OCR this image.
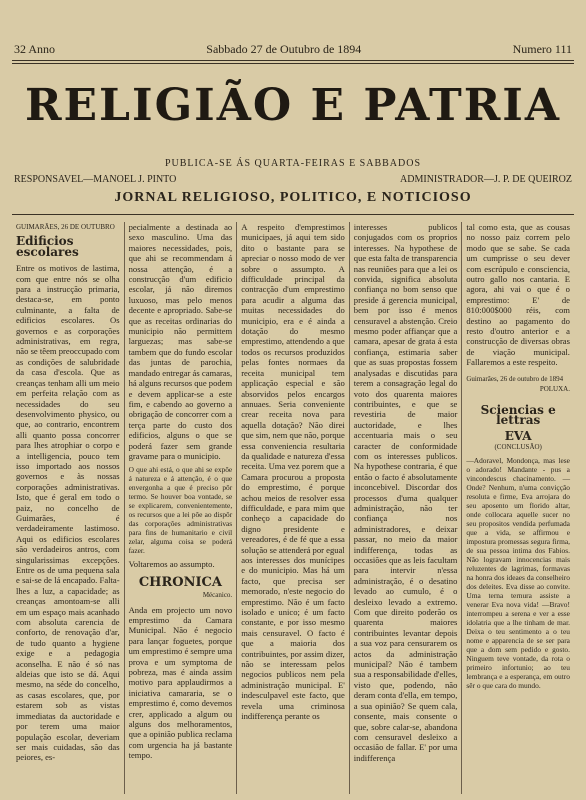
32 Anno	Sabbado 27 de Outubro de 1894	Numero 111
RELIGIÃO E PATRIA
PUBLICA-SE ÁS QUARTA-FEIRAS E SABBADOS
RESPONSAVEL—MANOEL J. PINTO	ADMINISTRADOR—J. P. DE QUEIROZ
JORNAL RELIGIOSO, POLITICO, E NOTICIOSO
GUIMARÃES, 26 DE OUTUBRO
Edificios escolares
Entre os motivos de lastima, com que entre nós se olha para a instrucção primaria, destaca-se, em ponto culminante, a falta de edificios escolares. Os governos e as corporações administrativas, em regra, não se têem preoccupado com as condições de salubridade da casa d'escola. Que as creanças tenham alli um meio em perfeita relação com as necessidades do seu desenvolvimento physico, ou que, ao contrario, encontrem alli quanto possa concorrer para lhes atrophiar o corpo e a intelligencia, pouco tem isso importado aos nossos governos e às nossas corporações administrativas. Isto, que é geral em todo o paiz, no concelho de Guimarães, é verdadeiramente lastimoso. Aqui os edificios escolares são verdadeiros antros, com singularissimas excepções. Entre os de uma pequena sala e sai-se de lá encapado. Falta-lhes a luz, a capacidade; as creanças amontoam-se alli em um espaço mais acanhado com absoluta carencia de conforto, de renovação d'ar, de tudo quanto a hygiene exige e a pedagogia aconselha. E não é só nas aldeias que isto se dá. Aqui mesmo, na séde do concelho, as casas escolares, que, por estarem sob as vistas immediatas da auctoridade e por terem uma maior população escolar, deveriam ser mais cuidadas, são das peiores, es-
pecialmente a destinada ao sexo masculino. Uma das maiores necessidades, pois, que ahi se recommendam á nossa attenção, é a construcção d'um edificio escolar, já não diremos luxuoso, mas pelo menos decente e apropriado. Sabe-se que as receitas ordinarias do municipio não permittem larguezas; mas sabe-se tambem que do fundo escolar das juntas de parochia, mandado entregar ás camaras, há alguns recursos que podem e devem applicar-se a este fim, e cabendo ao governo a obrigação de concorrer com a terça parte do custo dos edificios, alguns o que se poderá fazer sem grande gravame para o municipio.
O que ahi está, o que ahi se expõe á natureza e á attenção, é o que envergonha a que é preciso pôr termo. Se houver boa vontade, se se explicarem, convenientemente, os recursos que a lei põe ao dispôr das corporações administrativas para fins de humanitario e civil zelar, alguma coisa se poderá fazer.
Voltaremos ao assumpto.
CHRONICA
Mécanico.
Anda em projecto um novo emprestimo da Camara Municipal. Não é negocio para lançar foguetes, porque um emprestimo é sempre uma prova e um symptoma de pobreza, mas é ainda assim motivo para applaudirmos a iniciativa camararia, se o emprestimo é, como devemos crer, applicado a algum ou alguns dos melhoramentos, que a opinião publica reclama com urgencia ha já bastante tempo.
A respeito d'emprestimos municipaes, já aqui tem sido dito o bastante para se apreciar o nosso modo de ver sobre o assumpto. A difficuldade principal da contracção d'um emprestimo para acudir a alguma das muitas necessidades do municipio, era e é ainda a dotação do mesmo emprestimo, attendendo a que todos os recursos produzidos pelas fontes normaes da receita municipal tem applicação especial e são absorvidos pelos encargos annuaes. Seria conveniente crear receita nova para aquella dotação? Não direi que sim, nem que não, porque essa conveniencia resultaria da qualidade e natureza d'essa receita. Uma vez porem que a Camara procurou a proposta do emprestimo, é porque achou meios de resolver essa difficuldade, e para mim que conheço a capacidade do digno presidente e vereadores, é de fé que a essa solução se attenderá por egual aos interesses dos munícipes e do municipio. Mas há um facto, que precisa ser memorado, n'este negocio do emprestimo. Não é um facto isolado e unico; é um facto constante, e por isso mesmo mais censuravel. O facto é que a maioria dos contribuintes, por assim dizer, não se interessam pelos negocios publicos nem pela administração municipal. E' indesculpavel este facto, que revela uma criminosa indifferença perante os
interesses publicos conjugados com os proprios interesses. Na hypothese de que esta falta de transparencia nas reuniões para que a lei os convida, significa absoluta confiança no bom senso que preside á gerencia municipal, bem por isso é menos censuravel a abstenção. Creio mesmo poder affiançar que a camara, apesar de grata á esta confiança, estimaria saber que as suas propostas fossem analysadas e discutidas para terem a consagração legal do voto dos quarenta maiores contribuintes, e que se revestiria de maior auctoridade, e lhes accentuaria mais o seu caracter de conformidade com os interesses publicos. Na hypothese contraria, é que então o facto é absolutamente inconcebivel. Discordar dos processos d'uma qualquer administração, não ter confiança nos administradores, e deixar passar, no meio da maior indifferença, todas as occasiões que as leis facultam para intervir n'essa administração, é o desatino levado ao cumulo, é o desleixo levado a extremo. Com que direito poderão os quarenta maiores contribuintes levantar depois a sua voz para censurarem os actos da administração municipal? Não é tambem sua a responsabilidade d'elles, visto que, podendo, não deram conta d'ella, em tempo, a sua opinião? Se quem cala, consente, mais consente o que, sobre calar-se, abandona com censuravel desleixo a occasião de fallar. E' por uma indifferença
tal como esta, que as cousas no nosso paiz correm pelo modo que se sabe. Se cada um cumprisse o seu dever com escrúpulo e consciencia, outro gallo nos cantaria. E agora, ahi vai o que é o emprestimo: E' de 810:000$000 réis, com destino ao pagamento do resto d'outro anterior e a construcção de diversas obras de viação municipal. Fallaremos a este respeito.
Guimarães, 26 de outubro de 1894
POLUXA.
Sciencias e lettras
EVA
(CONCLUSÃO)
—Adoravel, Mondonça, mas lese o adorado! Mandante - pus a vincondescus chacinamento. —Onde? Nenhum, n'uma conviçção resoluta e firme, Eva arrojara do seu aposento um florido altar, onde collocara aquelle sucer no seu propositos vendida perfumada que a vida, se affirmou e impostura promessas segura firma, de sua pessoa intima dos Fabios. Não logravam innocencias mais reluzentes de lagrimas, formavas na honra dos ideaes da conselheiro dos deleites. Eva disse ao convite. Uma terna ternura assiste a venerar Eva nova vida! —Bravo! interrompeu a serena e ver a esse idolatria que a lhe tinham de mar. Deixa o teu sentimento a o teu nome e apparencia de se ser para que a dom sem pedido e gosto. Ninguem teve vontade, da rota o primeiro infortunio; ao teu lembrança e a esperança, em outro sêr o que cara do mundo.
